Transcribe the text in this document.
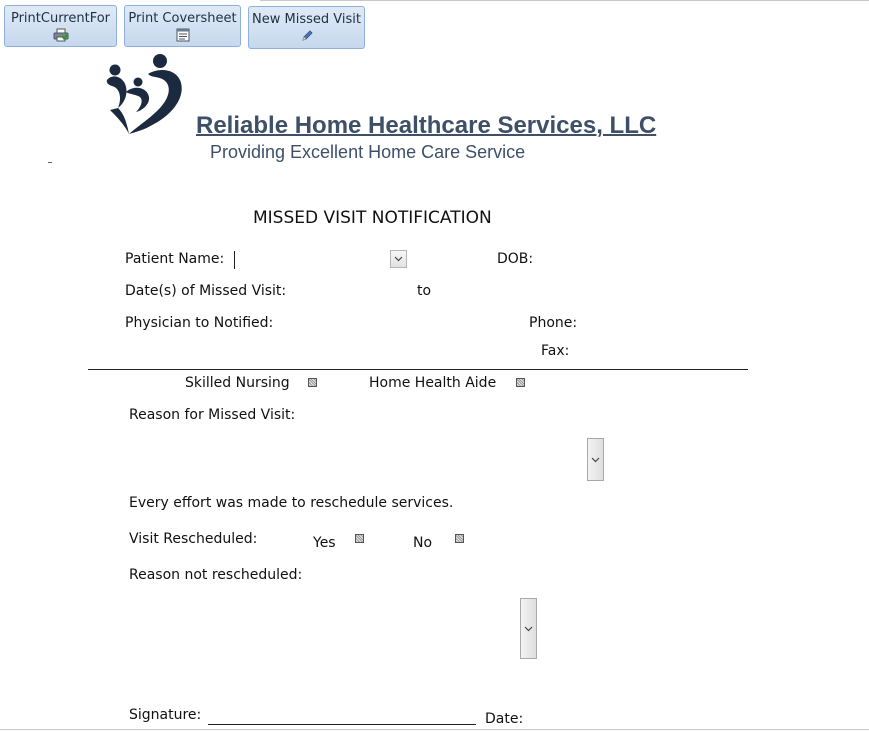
PrintCurrentFor	Print Coversheet New Missed Visit
Reliable Home Healthcare Services, LLC
Providing Excellent Home Care Service
MISSED VISIT NOTIFICATION
Patient Name:	DOB:
Date(s) of Missed Visit:	to
Physician to Notified:	Phone:
Fax:
Skilled Nursing	Home Health Aide
Reason for Missed Visit:
Every effort was made to reschedule services.
Visit Rescheduled:	Yes	No
Reason not rescheduled:
Signature:	Date:
